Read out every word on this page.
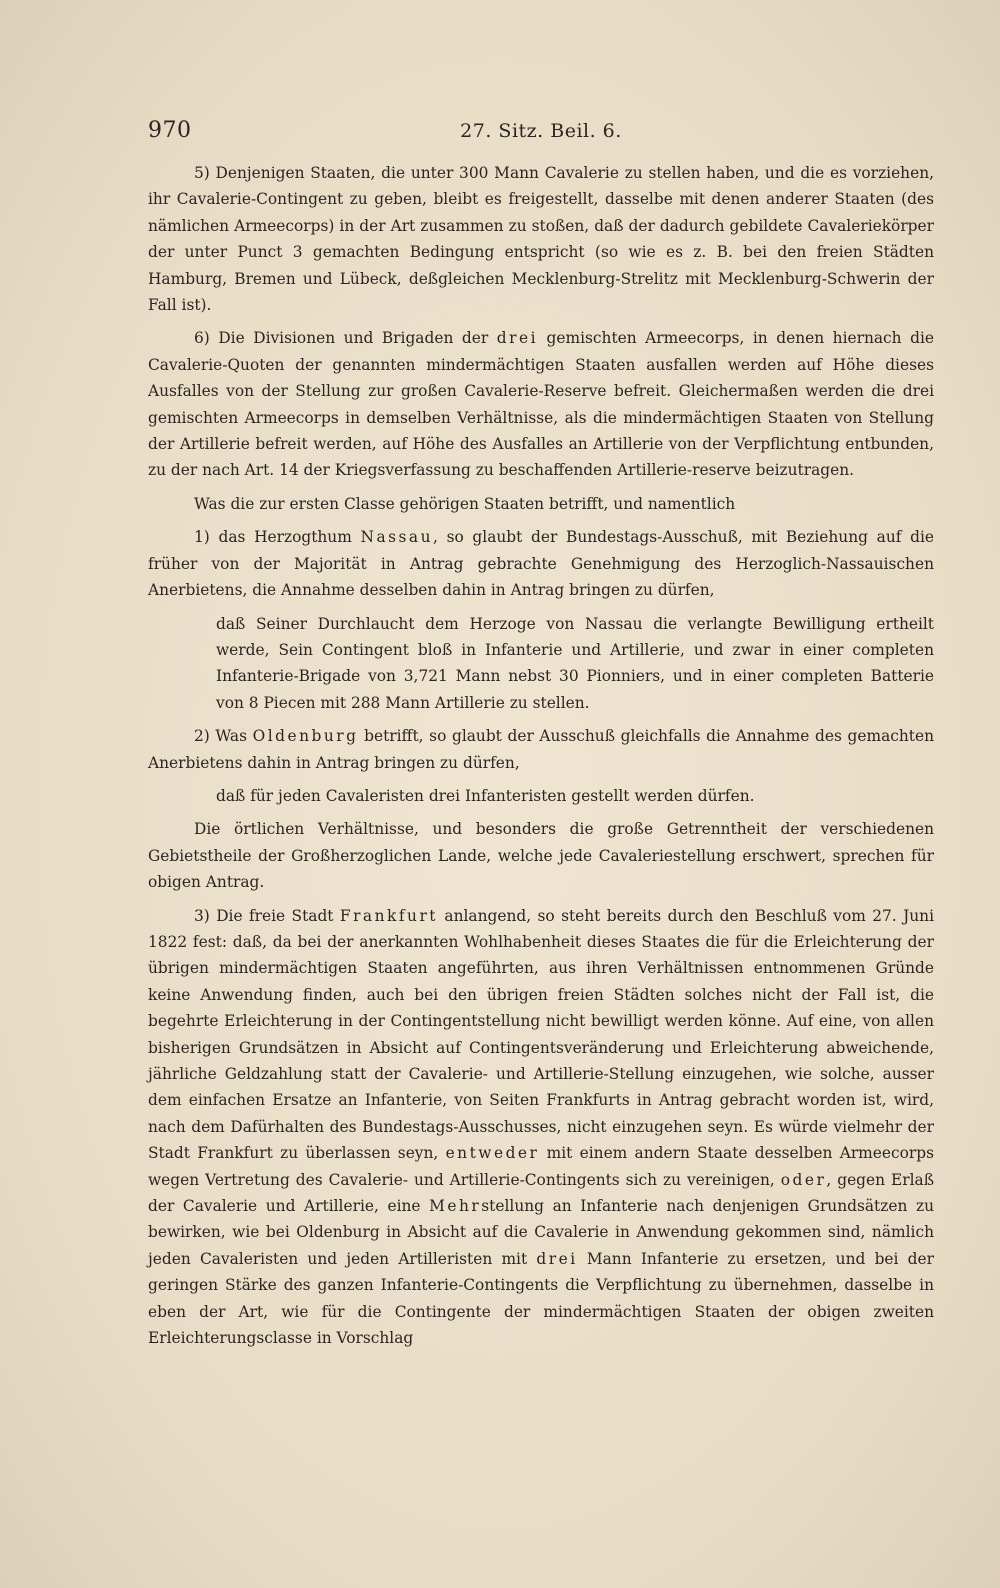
970	27. Sitz. Beil. 6.

5) Denjenigen Staaten, die unter 300 Mann Cavalerie zu stellen haben, und die es vorziehen, ihr Cavalerie-Contingent zu geben, bleibt es freigestellt, dasselbe mit denen anderer Staaten (des nämlichen Armeecorps) in der Art zusammen zu stoßen, daß der dadurch gebildete Cavaleriekörper der unter Punct 3 gemachten Bedingung entspricht (so wie es z. B. bei den freien Städten Hamburg, Bremen und Lübeck, deßgleichen Mecklenburg-Strelitz mit Mecklenburg-Schwerin der Fall ist).

6) Die Divisionen und Brigaden der drei gemischten Armeecorps, in denen hiernach die Cavalerie-Quoten der genannten mindermächtigen Staaten ausfallen werden auf Höhe dieses Ausfalles von der Stellung zur großen Cavalerie-Reserve befreit. Gleichermaßen werden die drei gemischten Armeecorps in demselben Verhältnisse, als die mindermächtigen Staaten von Stellung der Artillerie befreit werden, auf Höhe des Ausfalles an Artillerie von der Verpflichtung entbunden, zu der nach Art. 14 der Kriegsverfassung zu beschaffenden Artillerie-reserve beizutragen.

Was die zur ersten Classe gehörigen Staaten betrifft, und namentlich

1) das Herzogthum Nassau, so glaubt der Bundestags-Ausschuß, mit Beziehung auf die früher von der Majorität in Antrag gebrachte Genehmigung des Herzoglich-Nassauischen Anerbietens, die Annahme desselben dahin in Antrag bringen zu dürfen,

daß Seiner Durchlaucht dem Herzoge von Nassau die verlangte Bewilligung ertheilt werde, Sein Contingent bloß in Infanterie und Artillerie, und zwar in einer completen Infanterie-Brigade von 3,721 Mann nebst 30 Pionniers, und in einer completen Batterie von 8 Piecen mit 288 Mann Artillerie zu stellen.

2) Was Oldenburg betrifft, so glaubt der Ausschuß gleichfalls die Annahme des gemachten Anerbietens dahin in Antrag bringen zu dürfen,

daß für jeden Cavaleristen drei Infanteristen gestellt werden dürfen.

Die örtlichen Verhältnisse, und besonders die große Getrenntheit der verschiedenen Gebietstheile der Großherzoglichen Lande, welche jede Cavaleriestellung erschwert, sprechen für obigen Antrag.

3) Die freie Stadt Frankfurt anlangend, so steht bereits durch den Beschluß vom 27. Juni 1822 fest: daß, da bei der anerkannten Wohlhabenheit dieses Staates die für die Erleichterung der übrigen mindermächtigen Staaten angeführten, aus ihren Verhältnissen entnommenen Gründe keine Anwendung finden, auch bei den übrigen freien Städten solches nicht der Fall ist, die begehrte Erleichterung in der Contingentstellung nicht bewilligt werden könne. Auf eine, von allen bisherigen Grundsätzen in Absicht auf Contingentsveränderung und Erleichterung abweichende, jährliche Geldzahlung statt der Cavalerie- und Artillerie-Stellung einzugehen, wie solche, ausser dem einfachen Ersatze an Infanterie, von Seiten Frankfurts in Antrag gebracht worden ist, wird, nach dem Dafürhalten des Bundestags-Ausschusses, nicht einzugehen seyn. Es würde vielmehr der Stadt Frankfurt zu überlassen seyn, entweder mit einem andern Staate desselben Armeecorps wegen Vertretung des Cavalerie- und Artillerie-Contingents sich zu vereinigen, oder, gegen Erlaß der Cavalerie und Artillerie, eine Mehrstellung an Infanterie nach denjenigen Grundsätzen zu bewirken, wie bei Oldenburg in Absicht auf die Cavalerie in Anwendung gekommen sind, nämlich jeden Cavaleristen und jeden Artilleristen mit drei Mann Infanterie zu ersetzen, und bei der geringen Stärke des ganzen Infanterie-Contingents die Verpflichtung zu übernehmen, dasselbe in eben der Art, wie für die Contingente der mindermächtigen Staaten der obigen zweiten Erleichterungsclasse in Vorschlag
